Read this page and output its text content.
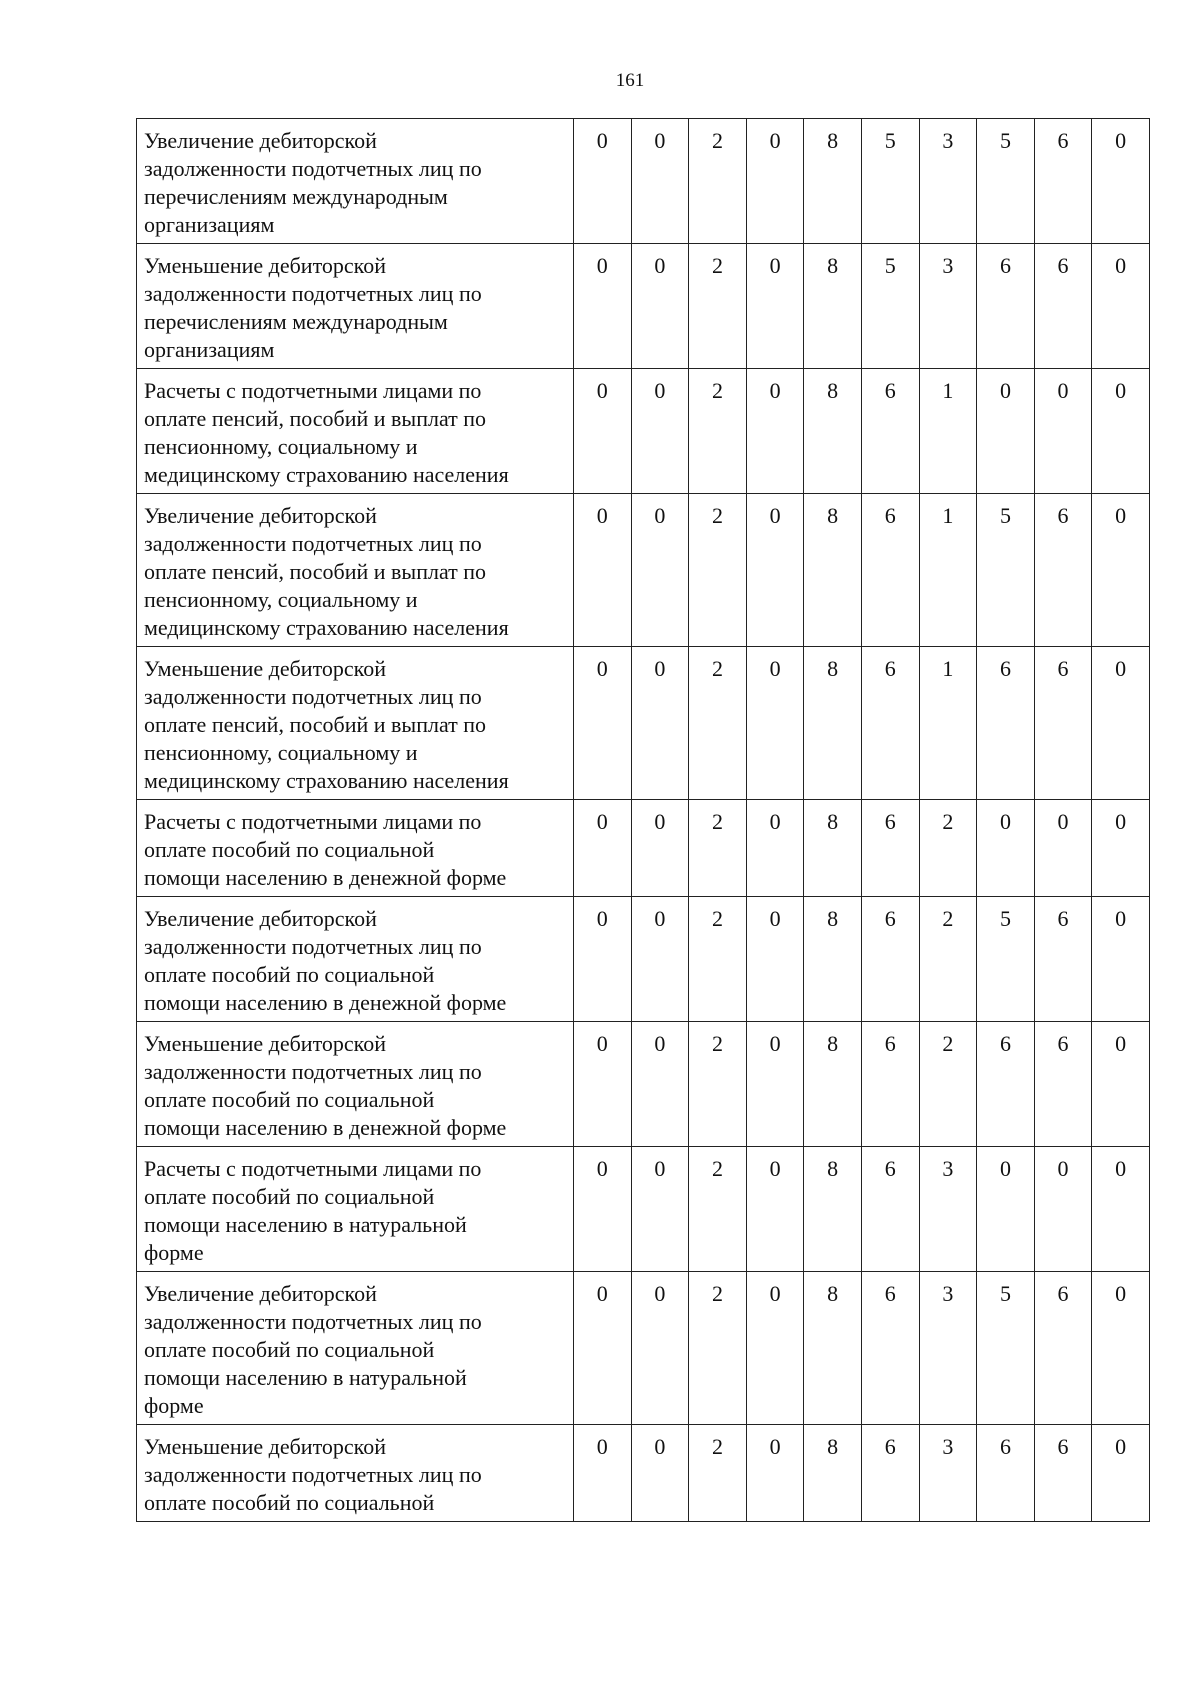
161
Увеличение дебиторской
задолженности подотчетных лиц по
перечислениям международным
организациям	0	0	2	0	8	5	3	5	6	0
Уменьшение дебиторской
задолженности подотчетных лиц по
перечислениям международным
организациям	0	0	2	0	8	5	3	6	6	0
Расчеты с подотчетными лицами по
оплате пенсий, пособий и выплат по
пенсионному, социальному и
медицинскому страхованию населения	0	0	2	0	8	6	1	0	0	0
Увеличение дебиторской
задолженности подотчетных лиц по
оплате пенсий, пособий и выплат по
пенсионному, социальному и
медицинскому страхованию населения	0	0	2	0	8	6	1	5	6	0
Уменьшение дебиторской
задолженности подотчетных лиц по
оплате пенсий, пособий и выплат по
пенсионному, социальному и
медицинскому страхованию населения	0	0	2	0	8	6	1	6	6	0
Расчеты с подотчетными лицами по
оплате пособий по социальной
помощи населению в денежной форме	0	0	2	0	8	6	2	0	0	0
Увеличение дебиторской
задолженности подотчетных лиц по
оплате пособий по социальной
помощи населению в денежной форме	0	0	2	0	8	6	2	5	6	0
Уменьшение дебиторской
задолженности подотчетных лиц по
оплате пособий по социальной
помощи населению в денежной форме	0	0	2	0	8	6	2	6	6	0
Расчеты с подотчетными лицами по
оплате пособий по социальной
помощи населению в натуральной
форме	0	0	2	0	8	6	3	0	0	0
Увеличение дебиторской
задолженности подотчетных лиц по
оплате пособий по социальной
помощи населению в натуральной
форме	0	0	2	0	8	6	3	5	6	0
Уменьшение дебиторской
задолженности подотчетных лиц по
оплате пособий по социальной	0	0	2	0	8	6	3	6	6	0
